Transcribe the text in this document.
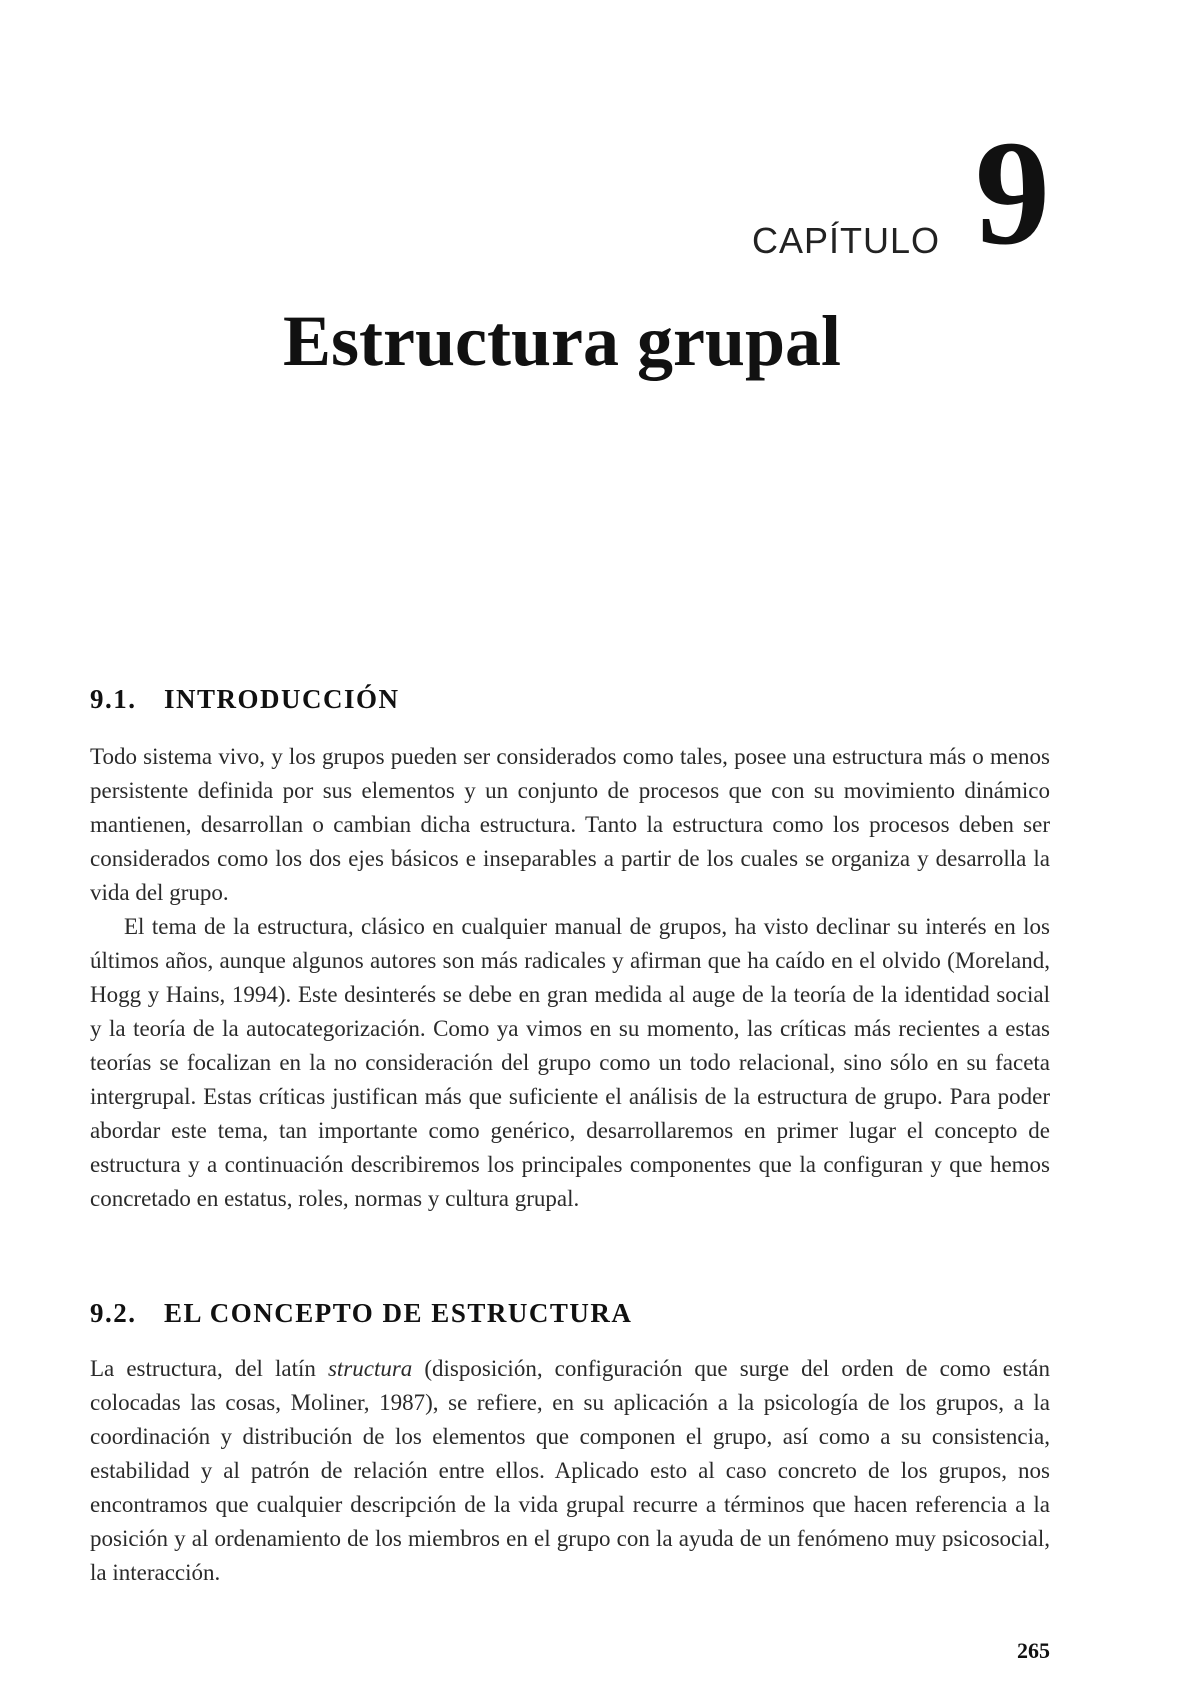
CAPÍTULO 9
Estructura grupal
9.1. INTRODUCCIÓN

Todo sistema vivo, y los grupos pueden ser considerados como tales, posee una estructura más o menos persistente definida por sus elementos y un conjunto de procesos que con su movimiento dinámico mantienen, desarrollan o cambian dicha estructura. Tanto la estructura como los procesos deben ser considerados como los dos ejes básicos e inseparables a partir de los cuales se organiza y desarrolla la vida del grupo.

El tema de la estructura, clásico en cualquier manual de grupos, ha visto declinar su interés en los últimos años, aunque algunos autores son más radicales y afirman que ha caído en el olvido (Moreland, Hogg y Hains, 1994). Este desinterés se debe en gran medida al auge de la teoría de la identidad social y la teoría de la autocategorización. Como ya vimos en su momento, las críticas más recientes a estas teorías se focalizan en la no consideración del grupo como un todo relacional, sino sólo en su faceta intergrupal. Estas críticas justifican más que suficiente el análisis de la estructura de grupo. Para poder abordar este tema, tan importante como genérico, desarrollaremos en primer lugar el concepto de estructura y a continuación describiremos los principales componentes que la configuran y que hemos concretado en estatus, roles, normas y cultura grupal.

9.2. EL CONCEPTO DE ESTRUCTURA

La estructura, del latín structura (disposición, configuración que surge del orden de como están colocadas las cosas, Moliner, 1987), se refiere, en su aplicación a la psicología de los grupos, a la coordinación y distribución de los elementos que componen el grupo, así como a su consistencia, estabilidad y al patrón de relación entre ellos. Aplicado esto al caso concreto de los grupos, nos encontramos que cualquier descripción de la vida grupal recurre a términos que hacen referencia a la posición y al ordenamiento de los miembros en el grupo con la ayuda de un fenómeno muy psicosocial, la interacción.

265
